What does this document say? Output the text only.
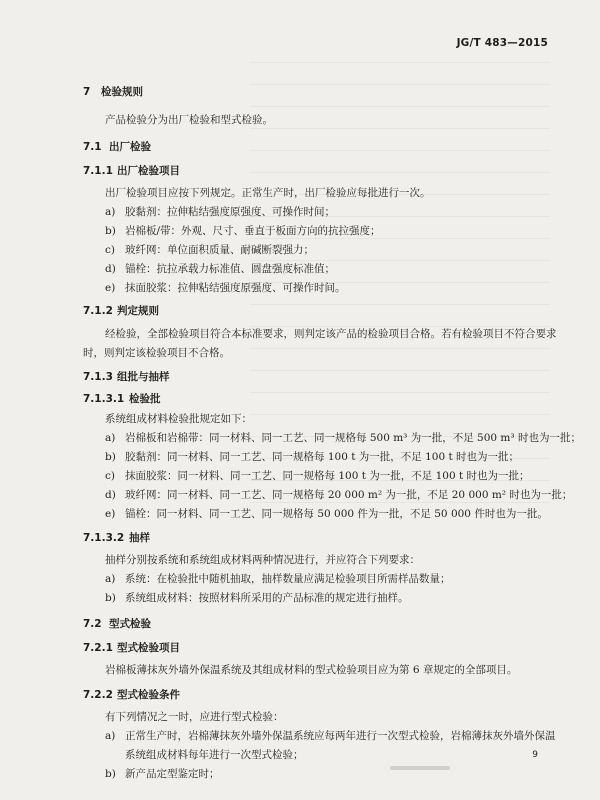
JG/T 483—2015
7 检验规则
产品检验分为出厂检验和型式检验。
7.1 出厂检验
7.1.1 出厂检验项目
出厂检验项目应按下列规定。正常生产时，出厂检验应每批进行一次。
a) 胶黏剂：拉伸粘结强度原强度、可操作时间；
b) 岩棉板/带：外观、尺寸、垂直于板面方向的抗拉强度；
c) 玻纤网：单位面积质量、耐碱断裂强力；
d) 锚栓：抗拉承载力标准值、圆盘强度标准值；
e) 抹面胶浆：拉伸粘结强度原强度、可操作时间。
7.1.2 判定规则
经检验，全部检验项目符合本标准要求，则判定该产品的检验项目合格。若有检验项目不符合要求
时，则判定该检验项目不合格。
7.1.3 组批与抽样
7.1.3.1 检验批
系统组成材料检验批规定如下：
a) 岩棉板和岩棉带：同一材料、同一工艺、同一规格每 500 m³ 为一批，不足 500 m³ 时也为一批；
b) 胶黏剂：同一材料、同一工艺、同一规格每 100 t 为一批，不足 100 t 时也为一批；
c) 抹面胶浆：同一材料、同一工艺、同一规格每 100 t 为一批，不足 100 t 时也为一批；
d) 玻纤网：同一材料、同一工艺、同一规格每 20 000 m² 为一批，不足 20 000 m² 时也为一批；
e) 锚栓：同一材料、同一工艺、同一规格每 50 000 件为一批，不足 50 000 件时也为一批。
7.1.3.2 抽样
抽样分别按系统和系统组成材料两种情况进行，并应符合下列要求：
a) 系统：在检验批中随机抽取，抽样数量应满足检验项目所需样品数量；
b) 系统组成材料：按照材料所采用的产品标准的规定进行抽样。
7.2 型式检验
7.2.1 型式检验项目
岩棉板薄抹灰外墙外保温系统及其组成材料的型式检验项目应为第 6 章规定的全部项目。
7.2.2 型式检验条件
有下列情况之一时，应进行型式检验：
a) 正常生产时，岩棉薄抹灰外墙外保温系统应每两年进行一次型式检验，岩棉薄抹灰外墙外保温
系统组成材料每年进行一次型式检验；
b) 新产品定型鉴定时；
9
